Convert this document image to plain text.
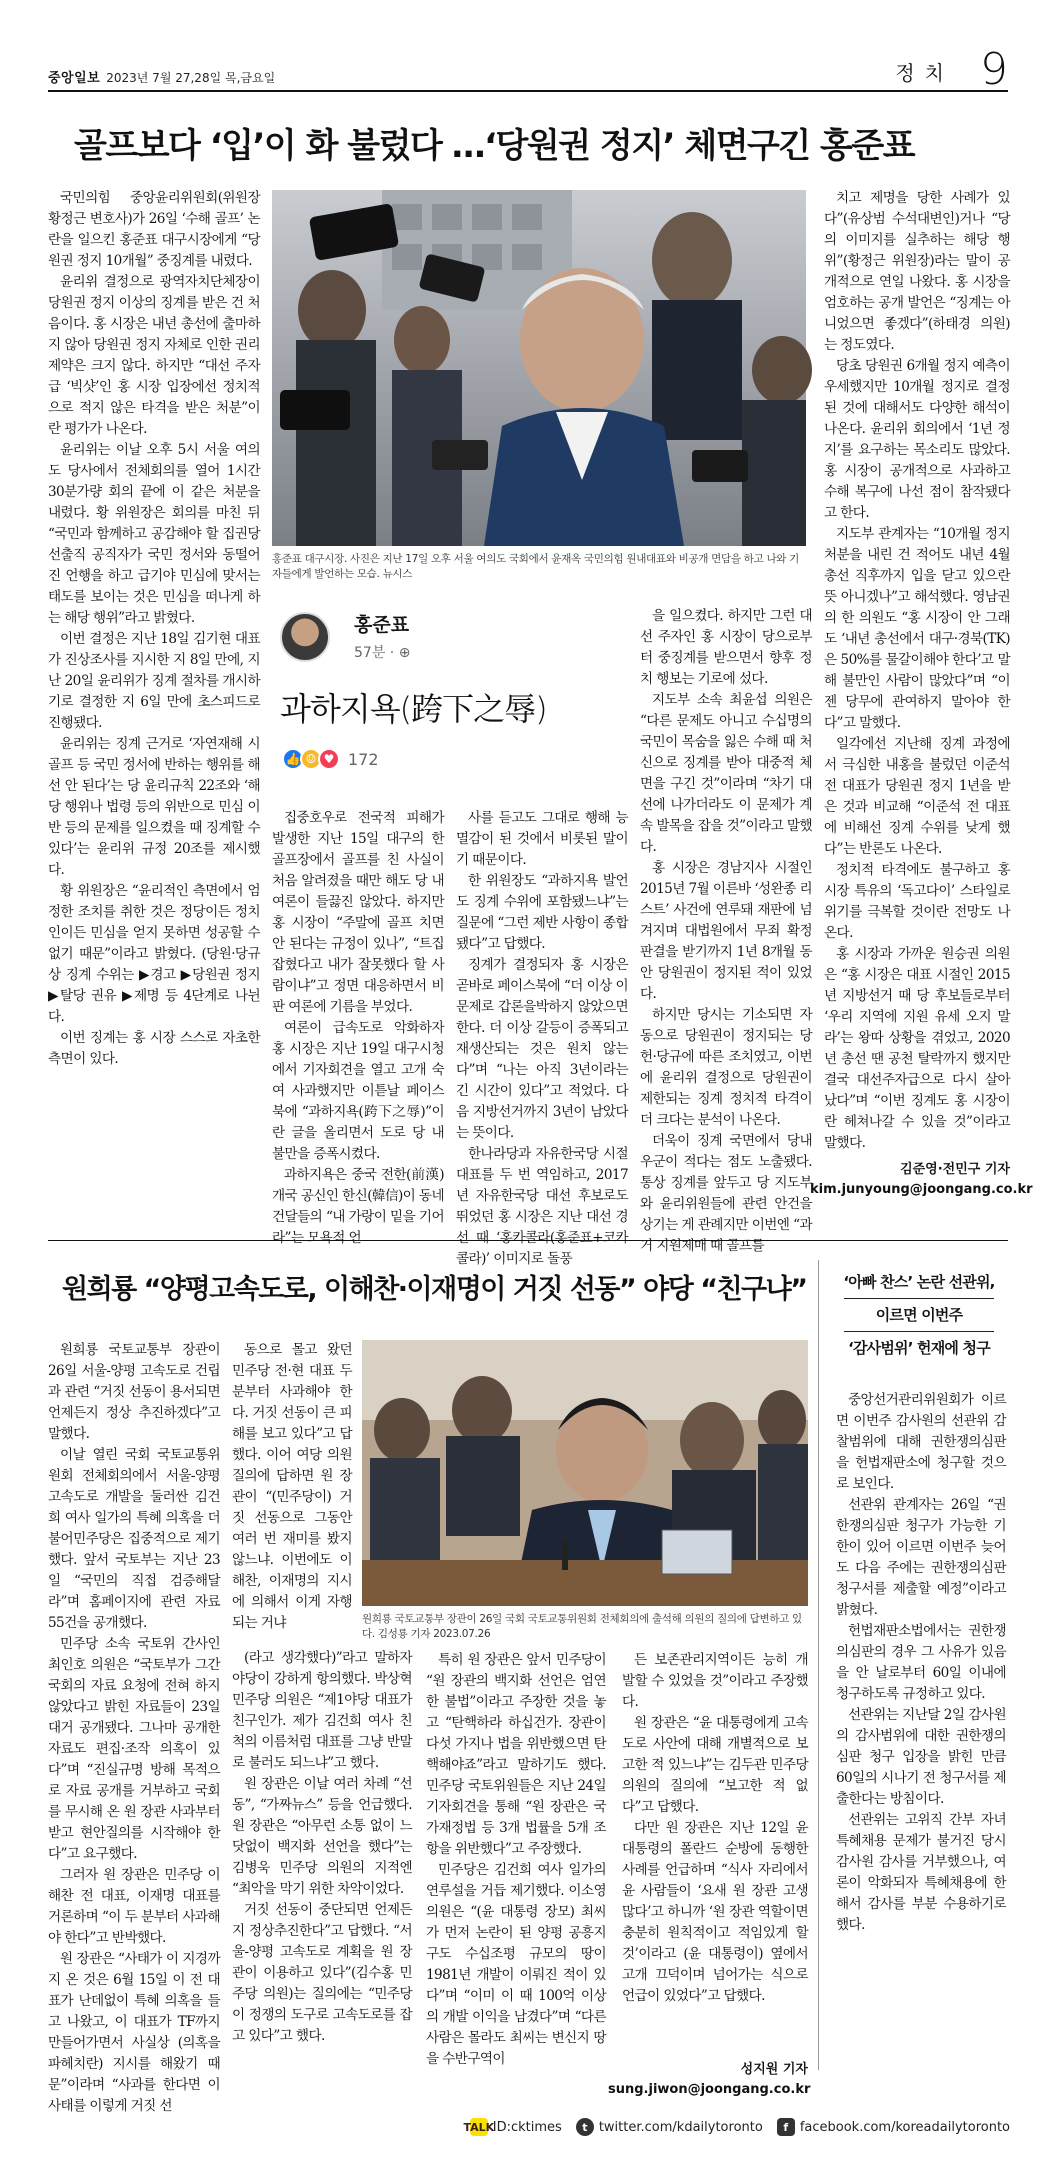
중앙일보 2023년 7월 27,28일 목,금요일	정치 9
골프보다 ‘입’이 화 불렀다 …‘당원권 정지’ 체면구긴 홍준표

국민의힘 중앙윤리위원회(위원장 황정근 변호사)가 26일 ‘수해 골프’ 논란을 일으킨 홍준표 대구시장에게 “당원권 정지 10개월” 중징계를 내렸다.

윤리위 결정으로 광역자치단체장이 당원권 정지 이상의 징계를 받은 건 처음이다. 홍 시장은 내년 총선에 출마하지 않아 당원권 정지 자체로 인한 권리 제약은 크지 않다. 하지만 “대선 주자급 ‘빅샷’인 홍 시장 입장에선 정치적으로 적지 않은 타격을 받은 처분”이란 평가가 나온다.

윤리위는 이날 오후 5시 서울 여의도 당사에서 전체회의를 열어 1시간 30분가량 회의 끝에 이 같은 처분을 내렸다. 황 위원장은 회의를 마친 뒤 “국민과 함께하고 공감해야 할 집권당 선출직 공직자가 국민 정서와 동떨어진 언행을 하고 급기야 민심에 맞서는 태도를 보이는 것은 민심을 떠나게 하는 해당 행위”라고 밝혔다.

이번 결정은 지난 18일 김기현 대표가 진상조사를 지시한 지 8일 만에, 지난 20일 윤리위가 징계 절차를 개시하기로 결정한 지 6일 만에 초스피드로 진행됐다.

윤리위는 징계 근거로 ‘자연재해 시 골프 등 국민 정서에 반하는 행위를 해선 안 된다’는 당 윤리규칙 22조와 ‘해당 행위나 법령 등의 위반으로 민심 이반 등의 문제를 일으켰을 때 징계할 수 있다’는 윤리위 규정 20조를 제시했다.

황 위원장은 “윤리적인 측면에서 엄정한 조치를 취한 것은 정당이든 정치인이든 민심을 얻지 못하면 성공할 수 없기 때문”이라고 밝혔다. (당원·당규상 징계 수위는 ▶경고 ▶당원권 정지 ▶탈당 권유 ▶제명 등 4단계로 나뉜다.

이번 징계는 홍 시장 스스로 자초한 측면이 있다.

홍준표 대구시장. 사진은 지난 17일 오후 서울 여의도 국회에서 윤재옥 국민의힘 원내대표와 비공개 면담을 하고 나와 기자들에게 발언하는 모습. 뉴시스
홍준표
57분 · ⊕
과하지욕(跨下之辱)
👍 ☺ ♥ 172

집중호우로 전국적 피해가 발생한 지난 15일 대구의 한 골프장에서 골프를 친 사실이 처음 알려졌을 때만 해도 당 내 여론이 들끓진 않았다. 하지만 홍 시장이 “주말에 골프 치면 안 된다는 규정이 있나”, “트집 잡혔다고 내가 잘못했다 할 사람이냐”고 정면 대응하면서 비판 여론에 기름을 부었다.

여론이 급속도로 악화하자 홍 시장은 지난 19일 대구시청에서 기자회견을 열고 고개 숙여 사과했지만 이튿날 페이스북에 “과하지욕(跨下之辱)”이란 글을 올리면서 도로 당 내 불만을 증폭시켰다.

과하지욕은 중국 전한(前漢) 개국 공신인 한신(韓信)이 동네 건달들의 “내 가랑이 밑을 기어라”는 모욕적 언

사를 듣고도 그대로 행해 능멸감이 된 것에서 비롯된 말이기 때문이다.

한 위원장도 “과하지욕 발언도 징계 수위에 포함됐느냐”는 질문에 “그런 제반 사항이 종합됐다”고 답했다.

징계가 결정되자 홍 시장은 곧바로 페이스북에 “더 이상 이 문제로 갑론을박하지 않았으면 한다. 더 이상 갈등이 증폭되고 재생산되는 것은 원치 않는다”며 “나는 아직 3년이라는 긴 시간이 있다”고 적었다. 다음 지방선거까지 3년이 남았다는 뜻이다.

한나라당과 자유한국당 시절 대표를 두 번 역임하고, 2017년 자유한국당 대선 후보로도 뛰었던 홍 시장은 지난 대선 경선 때 ‘홍카콜라(홍준표+코카콜라)’ 이미지로 돌풍

을 일으켰다. 하지만 그런 대선 주자인 홍 시장이 당으로부터 중징계를 받으면서 향후 정치 행보는 기로에 섰다.

지도부 소속 최윤섭 의원은 “다른 문제도 아니고 수십명의 국민이 목숨을 잃은 수해 때 처신으로 징계를 받아 대중적 체면을 구긴 것”이라며 “차기 대선에 나가더라도 이 문제가 계속 발목을 잡을 것”이라고 말했다.

홍 시장은 경남지사 시절인 2015년 7월 이른바 ‘성완종 리스트’ 사건에 연루돼 재판에 넘겨지며 대법원에서 무죄 확정판결을 받기까지 1년 8개월 동안 당원권이 정지된 적이 있었다.

하지만 당시는 기소되면 자동으로 당원권이 정지되는 당헌·당규에 따른 조치였고, 이번에 윤리위 결정으로 당원권이 제한되는 징계 정치적 타격이 더 크다는 분석이 나온다.

더욱이 징계 국면에서 당내 우군이 적다는 점도 노출됐다. 통상 징계를 앞두고 당 지도부와 윤리위원들에 관련 안건을 상기는 게 관례지만 이번엔 “과거 지원제매 때 골프를

치고 제명을 당한 사례가 있다”(유상범 수석대변인)거나 “당의 이미지를 실추하는 해당 행위”(황정근 위원장)라는 말이 공개적으로 연일 나왔다. 홍 시장을 엄호하는 공개 발언은 “징계는 아니었으면 좋겠다”(하태경 의원)는 정도였다.

당초 당원권 6개월 정지 예측이 우세했지만 10개월 정지로 결정된 것에 대해서도 다양한 해석이 나온다. 윤리위 회의에서 ‘1년 정지’를 요구하는 목소리도 많았다. 홍 시장이 공개적으로 사과하고 수해 복구에 나선 점이 참작됐다고 한다.

지도부 관계자는 “10개월 정지 처분을 내린 건 적어도 내년 4월 총선 직후까지 입을 닫고 있으란 뜻 아니겠나”고 해석했다. 영남권의 한 의원도 “홍 시장이 안 그래도 ‘내년 총선에서 대구·경북(TK)은 50%를 물갈이해야 한다’고 말해 불만인 사람이 많았다”며 “이젠 당무에 관여하지 말아야 한다”고 말했다.

일각에선 지난해 징계 과정에서 극심한 내홍을 불렀던 이준석 전 대표가 당원권 정지 1년을 받은 것과 비교해 “이준석 전 대표에 비해선 징계 수위를 낮게 했다”는 반론도 나온다.

정치적 타격에도 불구하고 홍 시장 특유의 ‘독고다이’ 스타일로 위기를 극복할 것이란 전망도 나온다.

홍 시장과 가까운 원승권 의원은 “홍 시장은 대표 시절인 2015년 지방선거 때 당 후보들로부터 ‘우리 지역에 지원 유세 오지 말라’는 왕따 상황을 겪었고, 2020년 총선 땐 공천 탈락까지 했지만 결국 대선주자급으로 다시 살아났다”며 “이번 징계도 홍 시장이란 헤쳐나갈 수 있을 것”이라고 말했다.

김준영·전민구 기자
kim.junyoung@joongang.co.kr
원희룡 “양평고속도로, 이해찬·이재명이 거짓 선동” 야당 “친구냐”

원희룡 국토교통부 장관이 26일 서울-양평 고속도로 건립과 관련 “거짓 선동이 용서되면 언제든지 정상 추진하겠다”고 말했다.

이날 열린 국회 국토교통위원회 전체회의에서 서울-양평고속도로 개발을 둘러싼 김건희 여사 일가의 특혜 의혹을 더불어민주당은 집중적으로 제기했다. 앞서 국토부는 지난 23일 “국민의 직접 검증해달라”며 홈페이지에 관련 자료 55건을 공개했다.

민주당 소속 국토위 간사인 최인호 의원은 “국토부가 그간 국회의 자료 요청에 전혀 하지 않았다고 밝힌 자료들이 23일 대거 공개됐다. 그나마 공개한 자료도 편집·조작 의혹이 있다”며 “진실규명 방해 목적으로 자료 공개를 거부하고 국회를 무시해 온 원 장관 사과부터 받고 현안질의를 시작해야 한다”고 요구했다.

그러자 원 장관은 민주당 이해찬 전 대표, 이재명 대표를 거론하며 “이 두 분부터 사과해야 한다”고 반박했다.

원 장관은 “사태가 이 지경까지 온 것은 6월 15일 이 전 대표가 난데없이 특혜 의혹을 들고 나왔고, 이 대표가 TF까지 만들어가면서 사실상 (의혹을 파헤치란) 지시를 해왔기 때문”이라며 “사과를 한다면 이 사태를 이렇게 거짓 선

동으로 몰고 왔던 민주당 전·현 대표 두 분부터 사과해야 한다. 거짓 선동이 큰 피해를 보고 있다”고 답했다. 이어 여당 의원 질의에 답하면 원 장관이 “(민주당이) 거짓 선동으로 그동안 여러 번 재미를 봤지 않느냐. 이번에도 이해찬, 이재명의 지시에 의해서 이게 자행되는 거냐	원희룡 국토교통부 장관이 26일 국회 국토교통위원회 전체회의에 출석해 의원의 질의에 답변하고 있다. 김성룡 기자 2023.07.26

(라고 생각했다)”라고 말하자 야당이 강하게 항의했다. 박상혁 민주당 의원은 “제1야당 대표가 친구인가. 제가 김건희 여사 친척의 이름처럼 대표를 그냥 반말로 불러도 되느냐”고 했다.

원 장관은 이날 여러 차례 “선동”, “가짜뉴스” 등을 언급했다. 원 장관은 “아무런 소통 없이 느닷없이 백지화 선언을 했다”는 김병욱 민주당 의원의 지적엔 “최악을 막기 위한 차악이었다.

거짓 선동이 중단되면 언제든지 정상추진한다”고 답했다. “서울-양평 고속도로 계획을 원 장관이 이용하고 있다”(김수홍 민주당 의원)는 질의에는 “민주당이 정쟁의 도구로 고속도로를 잡고 있다”고 했다.

특히 원 장관은 앞서 민주당이 “원 장관의 백지화 선언은 엄연한 불법”이라고 주장한 것을 놓고 “탄핵하라 하십건가. 장관이 다섯 가지나 법을 위반했으면 탄핵해야죠”라고 말하기도 했다. 민주당 국토위원들은 지난 24일 기자회견을 통해 “원 장관은 국가재정법 등 3개 법률을 5개 조항을 위반했다”고 주장했다.

민주당은 김건희 여사 일가의 연루설을 거듭 제기했다. 이소영 의원은 “(윤 대통령 장모) 최씨가 먼저 논란이 된 양평 공흥지구도 수십조평 규모의 땅이 1981년 개발이 이뤄진 적이 있다”며 “이미 이 때 100억 이상의 개발 이익을 남겼다”며 “다른 사람은 몰라도 최씨는 변신지 땅을 수반구역이

든 보존관리지역이든 능히 개발할 수 있었을 것”이라고 주장했다.

원 장관은 “윤 대통령에게 고속도로 사안에 대해 개별적으로 보고한 적 있느냐”는 김두관 민주당 의원의 질의에 “보고한 적 없다”고 답했다.

다만 원 장관은 지난 12일 윤 대통령의 폴란드 순방에 동행한 사례를 언급하며 “식사 자리에서 윤 사람들이 ‘요새 원 장관 고생 많다’고 하니까 ‘원 장관 역할이면 충분히 원칙적이고 적임있게 할 것’이라고 (윤 대통령이) 옆에서 고개 끄덕이며 넘어가는 식으로 언급이 있었다”고 답했다.

성지원 기자
sung.jiwon@joongang.co.kr
‘아빠 찬스’ 논란 선관위,
이르면 이번주
‘감사범위’ 헌재에 청구

중앙선거관리위원회가 이르면 이번주 감사원의 선관위 감찰범위에 대해 권한쟁의심판을 헌법재판소에 청구할 것으로 보인다.

선관위 관계자는 26일 “권한쟁의심판 청구가 가능한 기한이 있어 이르면 이번주 늦어도 다음 주에는 권한쟁의심판 청구서를 제출할 예정”이라고 밝혔다.

헌법재판소법에서는 권한쟁의심판의 경우 그 사유가 있음을 안 날로부터 60일 이내에 청구하도록 규정하고 있다.

선관위는 지난달 2일 감사원의 감사범위에 대한 권한쟁의심판 청구 입장을 밝힌 만큼 60일의 시나기 전 청구서를 제출한다는 방침이다.

선관위는 고위직 간부 자녀 특혜채용 문제가 불거진 당시 감사원 감사를 거부했으나, 여론이 악화되자 특혜채용에 한해서 감사를 부분 수용하기로 했다.

TALK
ID:cktimes	t twitter.com/kdailytoronto	f facebook.com/koreadailytoronto
